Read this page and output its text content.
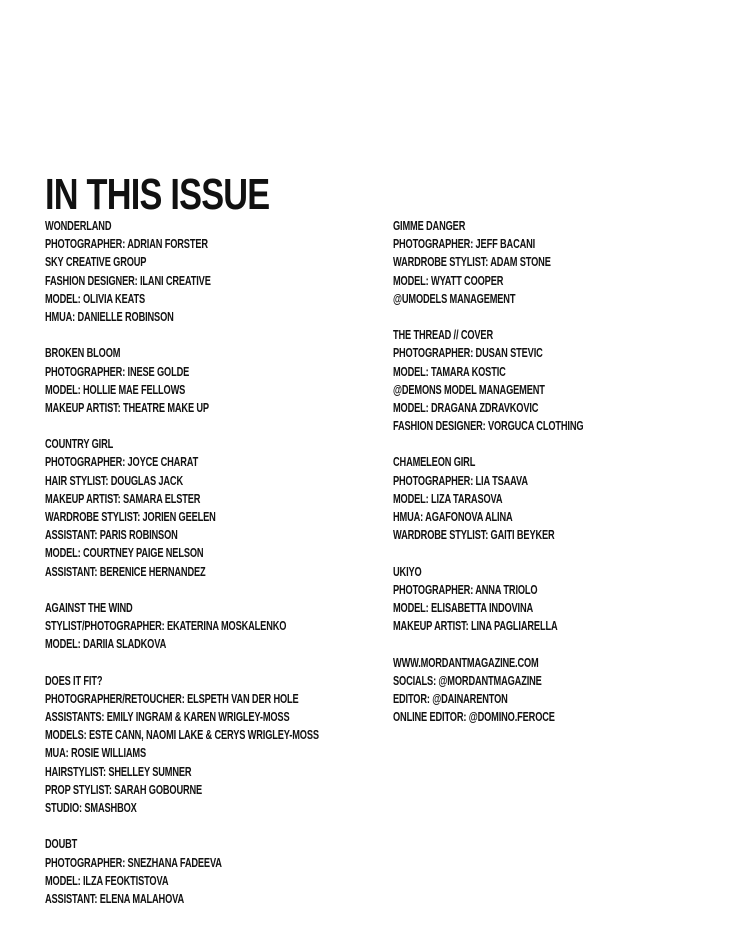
IN THIS ISSUE
WONDERLAND
PHOTOGRAPHER: ADRIAN FORSTER
SKY CREATIVE GROUP
FASHION DESIGNER: ILANI CREATIVE
MODEL: OLIVIA KEATS
HMUA: DANIELLE ROBINSON
BROKEN BLOOM
PHOTOGRAPHER: INESE GOLDE
MODEL: HOLLIE MAE FELLOWS
MAKEUP ARTIST: THEATRE MAKE UP
COUNTRY GIRL
PHOTOGRAPHER: JOYCE CHARAT
HAIR STYLIST: DOUGLAS JACK
MAKEUP ARTIST: SAMARA ELSTER
WARDROBE STYLIST: JORIEN GEELEN
ASSISTANT: PARIS ROBINSON
MODEL: COURTNEY PAIGE NELSON
ASSISTANT: BERENICE HERNANDEZ
AGAINST THE WIND
STYLIST/PHOTOGRAPHER: EKATERINA MOSKALENKO
MODEL: DARIIA SLADKOVA
DOES IT FIT?
PHOTOGRAPHER/RETOUCHER: ELSPETH VAN DER HOLE
ASSISTANTS: EMILY INGRAM & KAREN WRIGLEY-MOSS
MODELS: ESTE CANN, NAOMI LAKE & CERYS WRIGLEY-MOSS
MUA: ROSIE WILLIAMS
HAIRSTYLIST: SHELLEY SUMNER
PROP STYLIST: SARAH GOBOURNE
STUDIO: SMASHBOX
DOUBT
PHOTOGRAPHER: SNEZHANA FADEEVA
MODEL: ILZA FEOKTISTOVA
ASSISTANT: ELENA MALAHOVA
GIMME DANGER
PHOTOGRAPHER: JEFF BACANI
WARDROBE STYLIST: ADAM STONE
MODEL: WYATT COOPER
@UMODELS MANAGEMENT
THE THREAD // COVER
PHOTOGRAPHER: DUSAN STEVIC
MODEL: TAMARA KOSTIC
@DEMONS MODEL MANAGEMENT
MODEL: DRAGANA ZDRAVKOVIC
FASHION DESIGNER: VORGUCA CLOTHING
CHAMELEON GIRL
PHOTOGRAPHER: LIA TSAAVA
MODEL: LIZA TARASOVA
HMUA: AGAFONOVA ALINA
WARDROBE STYLIST: GAITI BEYKER
UKIYO
PHOTOGRAPHER: ANNA TRIOLO
MODEL: ELISABETTA INDOVINA
MAKEUP ARTIST: LINA PAGLIARELLA
WWW.MORDANTMAGAZINE.COM
SOCIALS: @MORDANTMAGAZINE
EDITOR: @DAINARENTON
ONLINE EDITOR: @DOMINO.FEROCE
